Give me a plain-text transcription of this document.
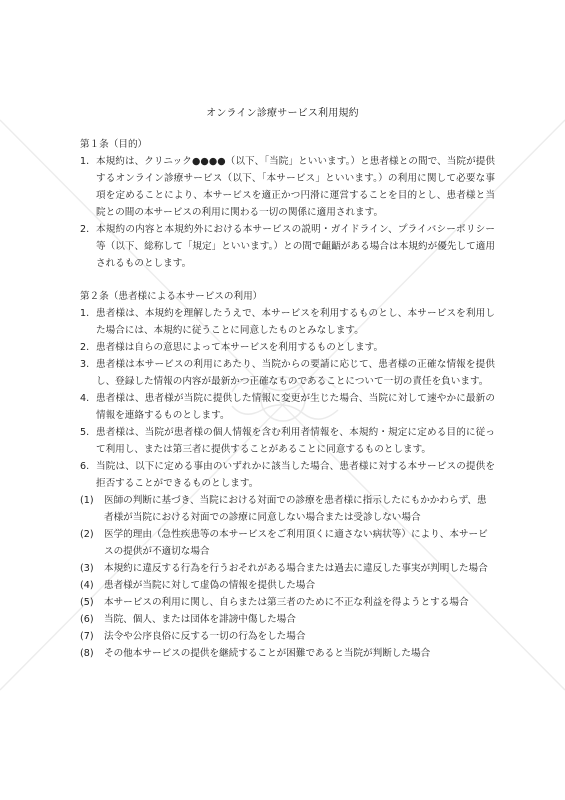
オンライン診療サービス利用規約
第１条（目的）
1. 本規約は、クリニック●●●●（以下、「当院」といいます。）と患者様との間で、当院が提供するオンライン診療サービス（以下、「本サービス」といいます。）の利用に関して必要な事項を定めることにより、本サービスを適正かつ円滑に運営することを目的とし、患者様と当院との間の本サービスの利用に関わる一切の関係に適用されます。
2. 本規約の内容と本規約外における本サービスの説明・ガイドライン、プライバシーポリシー等（以下、総称して「規定」といいます。）との間で齟齬がある場合は本規約が優先して適用されるものとします。
第２条（患者様による本サービスの利用）
1. 患者様は、本規約を理解したうえで、本サービスを利用するものとし、本サービスを利用した場合には、本規約に従うことに同意したものとみなします。
2. 患者様は自らの意思によって本サービスを利用するものとします。
3. 患者様は本サービスの利用にあたり、当院からの要請に応じて、患者様の正確な情報を提供し、登録した情報の内容が最新かつ正確なものであることについて一切の責任を負います。
4. 患者様は、患者様が当院に提供した情報に変更が生じた場合、当院に対して速やかに最新の情報を連絡するものとします。
5. 患者様は、当院が患者様の個人情報を含む利用者情報を、本規約・規定に定める目的に従って利用し、または第三者に提供することがあることに同意するものとします。
6. 当院は、以下に定める事由のいずれかに該当した場合、患者様に対する本サービスの提供を拒否することができるものとします。
(1)	医師の判断に基づき、当院における対面での診療を患者様に指示したにもかかわらず、患者様が当院における対面での診療に同意しない場合または受診しない場合
(2)	医学的理由（急性疾患等の本サービスをご利用頂くに適さない病状等）により、本サービスの提供が不適切な場合
(3)	本規約に違反する行為を行うおそれがある場合または過去に違反した事実が判明した場合
(4)	患者様が当院に対して虚偽の情報を提供した場合
(5)	本サービスの利用に関し、自らまたは第三者のために不正な利益を得ようとする場合
(6)	当院、個人、または団体を誹謗中傷した場合
(7)	法令や公序良俗に反する一切の行為をした場合
(8)	その他本サービスの提供を継続することが困難であると当院が判断した場合
